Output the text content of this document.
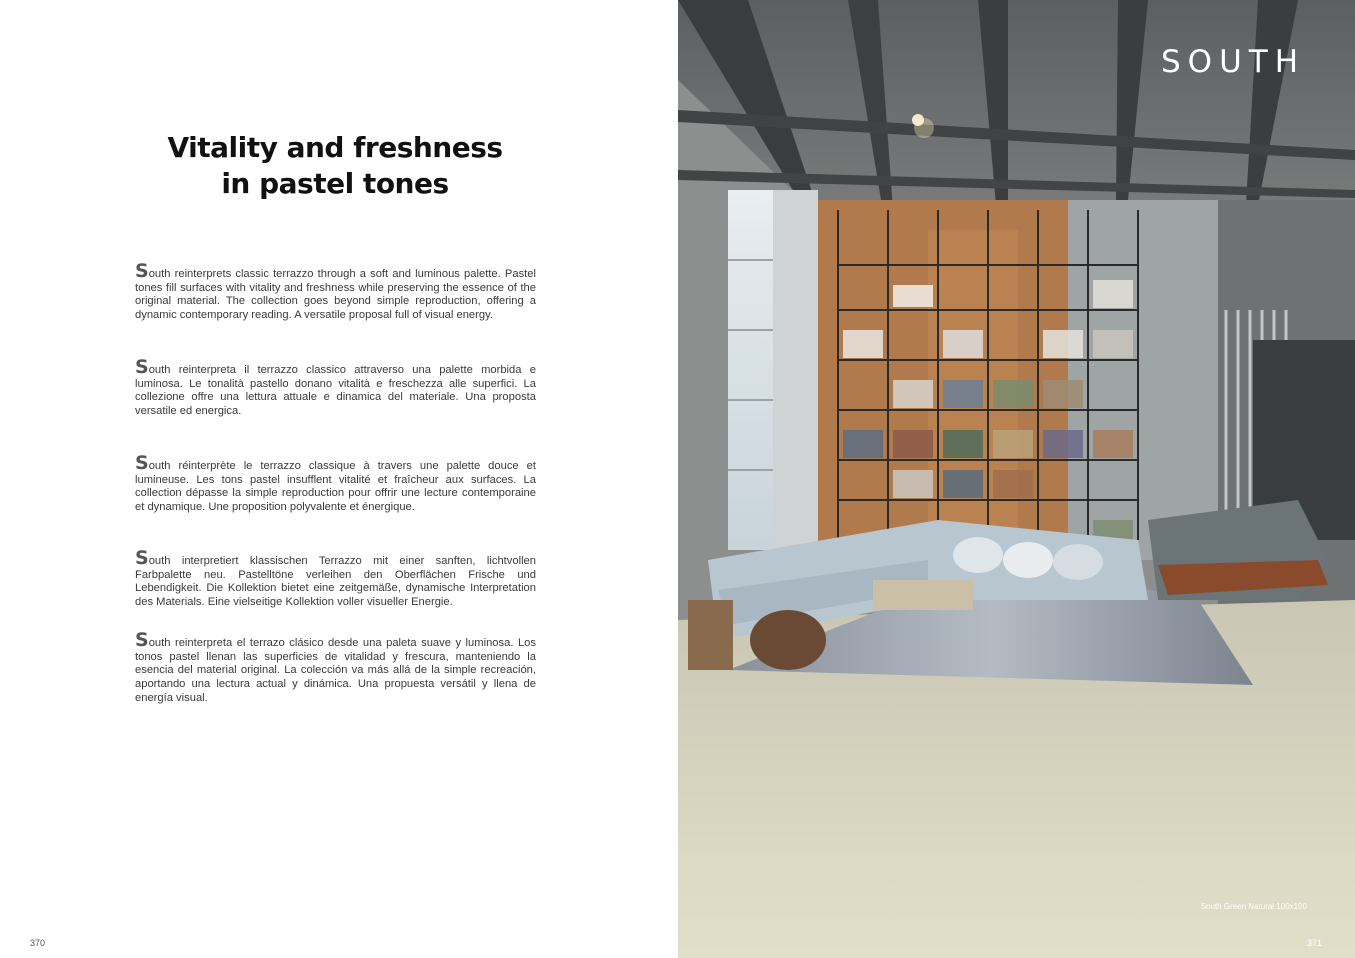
Vitality and freshness
in pastel tones

South reinterprets classic terrazzo through a soft and luminous palette. Pastel tones fill surfaces with vitality and freshness while preserving the essence of the original material. The collection goes beyond simple reproduction, offering a dynamic contemporary reading. A versatile proposal full of visual energy.

South reinterpreta il terrazzo classico attraverso una palette morbida e luminosa. Le tonalità pastello donano vitalità e freschezza alle superfici. La collezione offre una lettura attuale e dinamica del materiale. Una proposta versatile ed energica.

South réinterprète le terrazzo classique à travers une palette douce et lumineuse. Les tons pastel insufflent vitalité et fraîcheur aux surfaces. La collection dépasse la simple reproduction pour offrir une lecture contemporaine et dynamique. Une proposition polyvalente et énergique.

South interpretiert klassischen Terrazzo mit einer sanften, lichtvollen Farbpalette neu. Pastelltöne verleihen den Oberflächen Frische und Lebendigkeit. Die Kollektion bietet eine zeitgemäße, dynamische Interpretation des Materials. Eine vielseitige Kollektion voller visueller Energie.

South reinterpreta el terrazo clásico desde una paleta suave y luminosa. Los tonos pastel llenan las superficies de vitalidad y frescura, manteniendo la esencia del material original. La colección va más allá de la simple recreación, aportando una lectura actual y dinámica. Una propuesta versátil y llena de energía visual.

370
SOUTH
South Green Natural 100x100
371
